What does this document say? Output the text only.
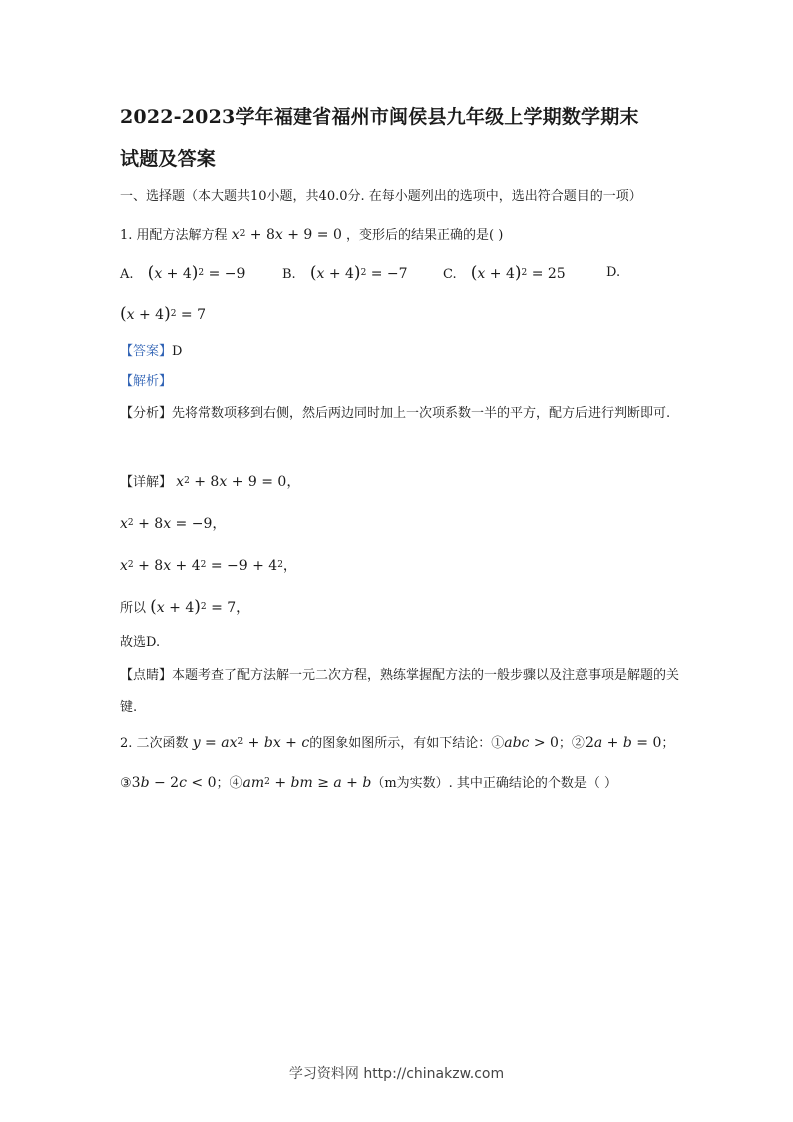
2022-2023学年福建省福州市闽侯县九年级上学期数学期末
试题及答案
一、选择题（本大题共10小题，共40.0分. 在每小题列出的选项中，选出符合题目的一项）
1. 用配方法解方程 $x^2 + 8x + 9 = 0$ ，变形后的结果正确的是( )
A. $(x + 4)^2 = -9$	B. $(x + 4)^2 = -7$	C. $(x + 4)^2 = 25$	D.
$(x + 4)^2 = 7$
【答案】D
【解析】
【分析】先将常数项移到右侧，然后两边同时加上一次项系数一半的平方，配方后进行判断即可.
【详解】 $x^2 + 8x + 9 = 0$，
$x^2 + 8x = -9$，
$x^2 + 8x + 4^2 = -9 + 4^2$，
所以 $(x + 4)^2 = 7$，
故选D.
【点睛】本题考查了配方法解一元二次方程，熟练掌握配方法的一般步骤以及注意事项是解题的关键.
2. 二次函数 $y = ax^2$ + bx + c的图象如图所示，有如下结论：①abc > 0；②2a + b = 0；
③3b − 2c < 0；$④am^2$ + bm ≥ a + b（m为实数）. 其中正确结论的个数是（ ）
学习资料网 http://chinakzw.com
